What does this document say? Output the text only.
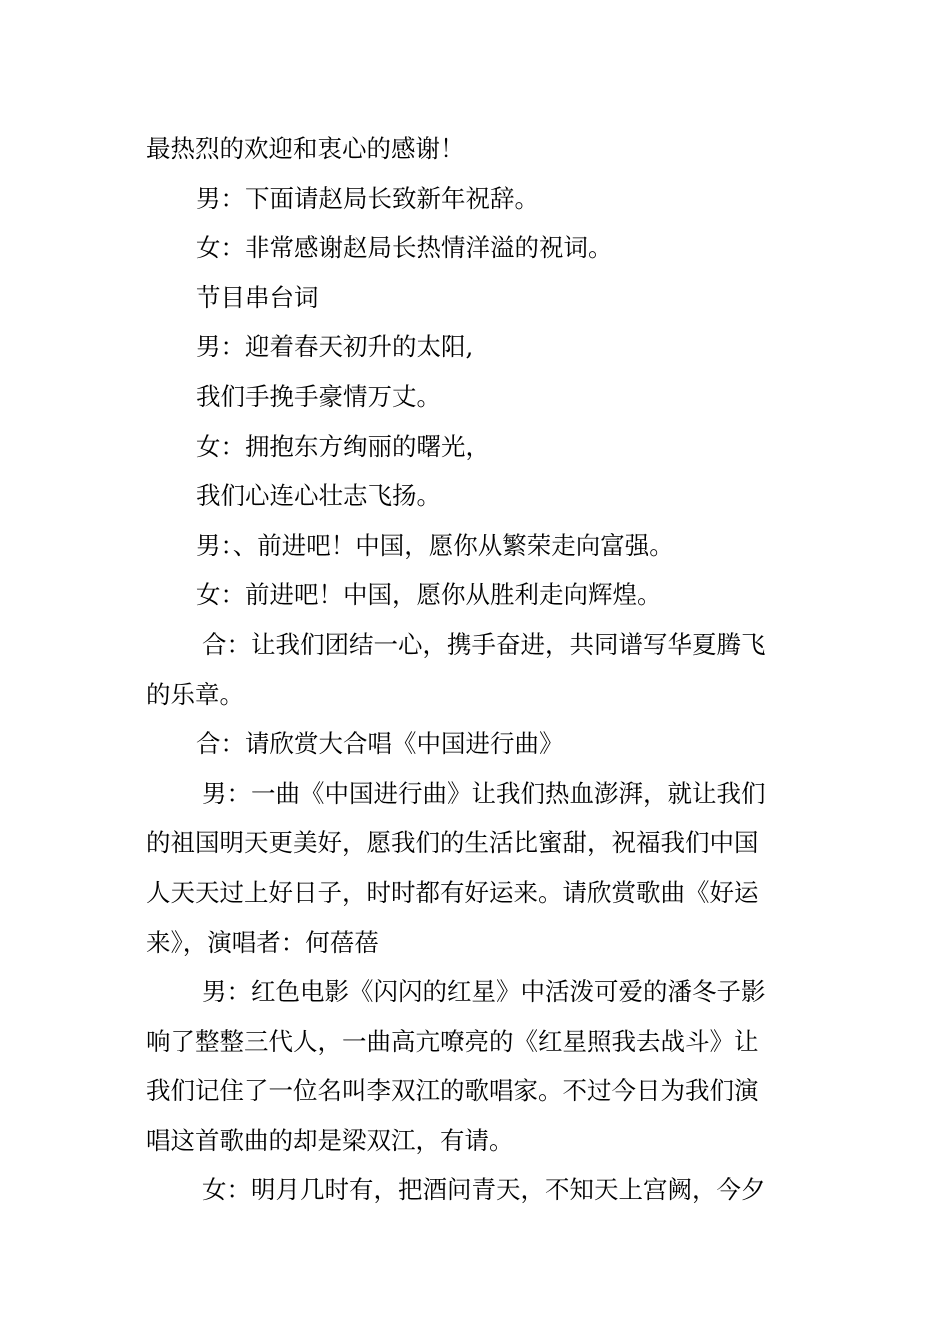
最热烈的欢迎和衷心的感谢！
男：下面请赵局长致新年祝辞。
女：非常感谢赵局长热情洋溢的祝词。
节目串台词
男：迎着春天初升的太阳,
我们手挽手豪情万丈。
女：拥抱东方绚丽的曙光，
我们心连心壮志飞扬。
男：、前进吧！中国，愿你从繁荣走向富强。
女：前进吧！中国，愿你从胜利走向辉煌。
合：让我们团结一心，携手奋进，共同谱写华夏腾飞
的乐章。
合：请欣赏大合唱《中国进行曲》
男：一曲《中国进行曲》让我们热血澎湃，就让我们
的祖国明天更美好，愿我们的生活比蜜甜，祝福我们中国
人天天过上好日子，时时都有好运来。请欣赏歌曲《好运
来》，演唱者：何蓓蓓
男：红色电影《闪闪的红星》中活泼可爱的潘冬子影
响了整整三代人，一曲高亢嘹亮的《红星照我去战斗》让
我们记住了一位名叫李双江的歌唱家。不过今日为我们演
唱这首歌曲的却是梁双江，有请。
女：明月几时有，把酒问青天，不知天上宫阙，今夕
